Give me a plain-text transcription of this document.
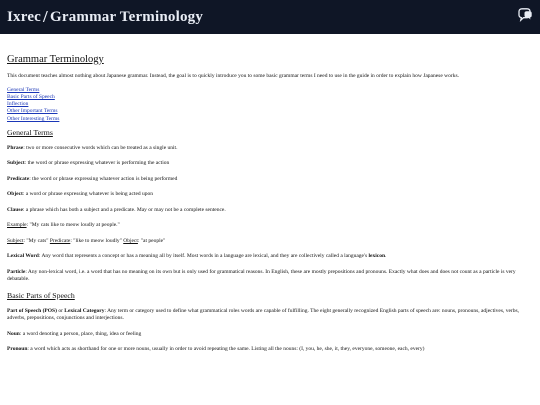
Ixrec / Grammar Terminology
Grammar Terminology

This document teaches almost nothing about Japanese grammar. Instead, the goal is to quickly introduce you to some basic grammar terms I need to use in the guide in order to explain how Japanese works.

General Terms
Basic Parts of Speech
Inflection
Other Important Terms
Other Interesting Terms
General Terms

Phrase: two or more consecutive words which can be treated as a single unit.

Subject: the word or phrase expressing whatever is performing the action

Predicate: the word or phrase expressing whatever action is being performed

Object: a word or phrase expressing whatever is being acted upon

Clause: a phrase which has both a subject and a predicate. May or may not be a complete sentence.

Example: "My cats like to meow loudly at people."

Subject: "My cats" Predicate: "like to meow loudly" Object: "at people"

Lexical Word: Any word that represents a concept or has a meaning all by itself. Most words in a language are lexical, and they are collectively called a language's lexicon.

Particle: Any non-lexical word, i.e. a word that has no meaning on its own but is only used for grammatical reasons. In English, these are mostly prepositions and pronouns. Exactly what does and does not count as a particle is very debatable.

Basic Parts of Speech

Part of Speech (POS) or Lexical Category: Any term or category used to define what grammatical roles words are capable of fulfilling. The eight generally recognized English parts of speech are: nouns, pronouns, adjectives, verbs, adverbs, prepositions, conjunctions and interjections.

Noun: a word denoting a person, place, thing, idea or feeling

Pronoun: a word which acts as shorthand for one or more nouns, usually in order to avoid repeating the same. Listing all the nouns: (I, you, he, she, it, they, everyone, someone, each, every)
